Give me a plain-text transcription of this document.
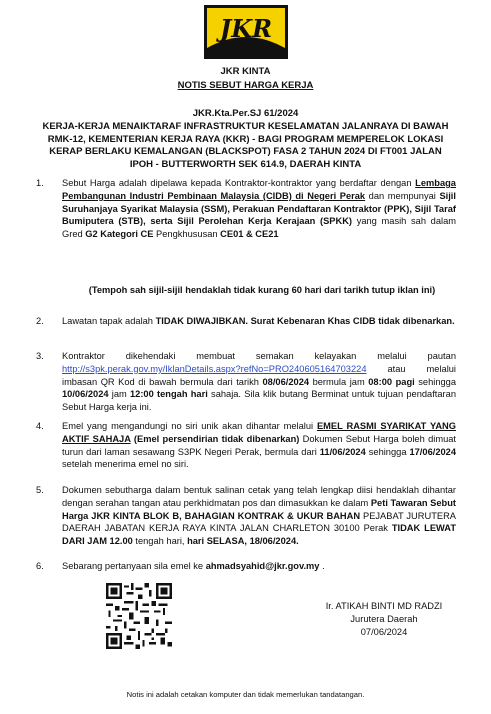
JKR
JKR KINTA
NOTIS SEBUT HARGA KERJA
JKR.Kta.Per.SJ 61/2024
KERJA-KERJA MENAIKTARAF INFRASTRUKTUR KESELAMATAN JALANRAYA DI BAWAH RMK-12, KEMENTERIAN KERJA RAYA (KKR) - BAGI PROGRAM MEMPERELOK LOKASI KERAP BERLAKU KEMALANGAN (BLACKSPOT) FASA 2 TAHUN 2024 DI FT001 JALAN IPOH - BUTTERWORTH SEK 614.9, DAERAH KINTA
1. Sebut Harga adalah dipelawa kepada Kontraktor-kontraktor yang berdaftar dengan Lembaga Pembangunan Industri Pembinaan Malaysia (CIDB) di Negeri Perak dan mempunyai Sijil Suruhanjaya Syarikat Malaysia (SSM), Perakuan Pendaftaran Kontraktor (PPK), Sijil Taraf Bumiputera (STB), serta Sijil Perolehan Kerja Kerajaan (SPKK) yang masih sah dalam Gred G2 Kategori CE Pengkhususan CE01 & CE21
(Tempoh sah sijil-sijil hendaklah tidak kurang 60 hari dari tarikh tutup iklan ini)
2. Lawatan tapak adalah TIDAK DIWAJIBKAN. Surat Kebenaran Khas CIDB tidak dibenarkan.
3. Kontraktor dikehendaki membuat semakan kelayakan melalui pautan http://s3pk.perak.gov.my/IklanDetails.aspx?refNo=PRO240605164703224 atau melalui imbasan QR Kod di bawah bermula dari tarikh 08/06/2024 bermula jam 08:00 pagi sehingga 10/06/2024 jam 12:00 tengah hari sahaja. Sila klik butang Berminat untuk tujuan pendaftaran Sebut Harga kerja ini.
4. Emel yang mengandungi no siri unik akan dihantar melalui EMEL RASMI SYARIKAT YANG AKTIF SAHAJA (Emel persendirian tidak dibenarkan) Dokumen Sebut Harga boleh dimuat turun dari laman sesawang S3PK Negeri Perak, bermula dari 11/06/2024 sehingga 17/06/2024 setelah menerima emel no siri.
5. Dokumen sebutharga dalam bentuk salinan cetak yang telah lengkap diisi hendaklah dihantar dengan serahan tangan atau perkhidmatan pos dan dimasukkan ke dalam Peti Tawaran Sebut Harga JKR KINTA BLOK B, BAHAGIAN KONTRAK & UKUR BAHAN PEJABAT JURUTERA DAERAH JABATAN KERJA RAYA KINTA JALAN CHARLETON 30100 Perak TIDAK LEWAT DARI JAM 12.00 tengah hari, hari SELASA, 18/06/2024.
6. Sebarang pertanyaan sila emel ke ahmadsyahid@jkr.gov.my .
Ir. ATIKAH BINTI MD RADZI
Jurutera Daerah
07/06/2024
Notis ini adalah cetakan komputer dan tidak memerlukan tandatangan.
